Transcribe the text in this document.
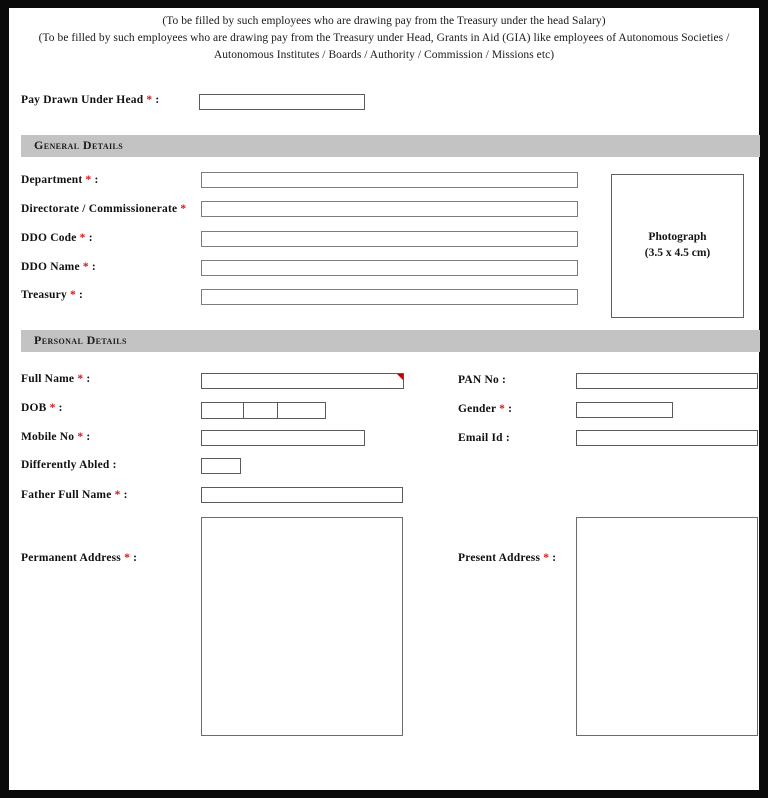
(To be filled by such employees who are drawing pay from the Treasury under the head Salary)
(To be filled by such employees who are drawing pay from the Treasury under Head, Grants in Aid (GIA) like employees of Autonomous Societies /
Autonomous Institutes / Boards / Authority / Commission / Missions etc)
Pay Drawn Under Head * :
General Details
Department * :
Directorate / Commissionerate *
DDO Code * :
DDO Name * :
Treasury * :
Photograph
(3.5 x 4.5 cm)
Personal Details
Full Name * :
DOB * :
Mobile No * :
Differently Abled :
Father Full Name * :
PAN No :
Gender * :
Email Id :
Permanent Address * :	Present Address * :
